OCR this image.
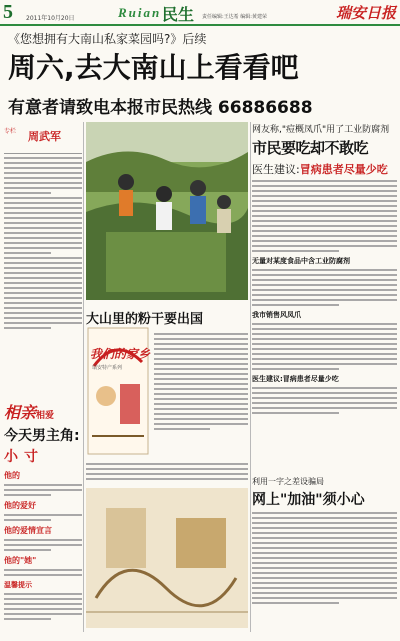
5 2011年10月20日	Ruian 民生 责任编辑:王达希 编辑:黄建荣	瑞安日报
《您想拥有大南山私家菜园吗?》后续
周六,去大南山上看看吧
有意者请致电本报市民热线 66886688
专栏 周武军
相亲相爱
今天男主角:
小寸
他的
他的爱好
他的爱情宣言
他的"她"
温馨提示
大山里的粉干要出国
我们的家乡
瑞安特产系列
网友称,"痘概凤爪"用了工业防腐剂
市民要吃却不敢吃
医生建议:冒病患者尽量少吃
无量对某度食品中含工业防腐剂
我市销售风凤爪
医生建议:冒病患者尽量少吃
利用一字之差设骗局
网上"加油"须小心
